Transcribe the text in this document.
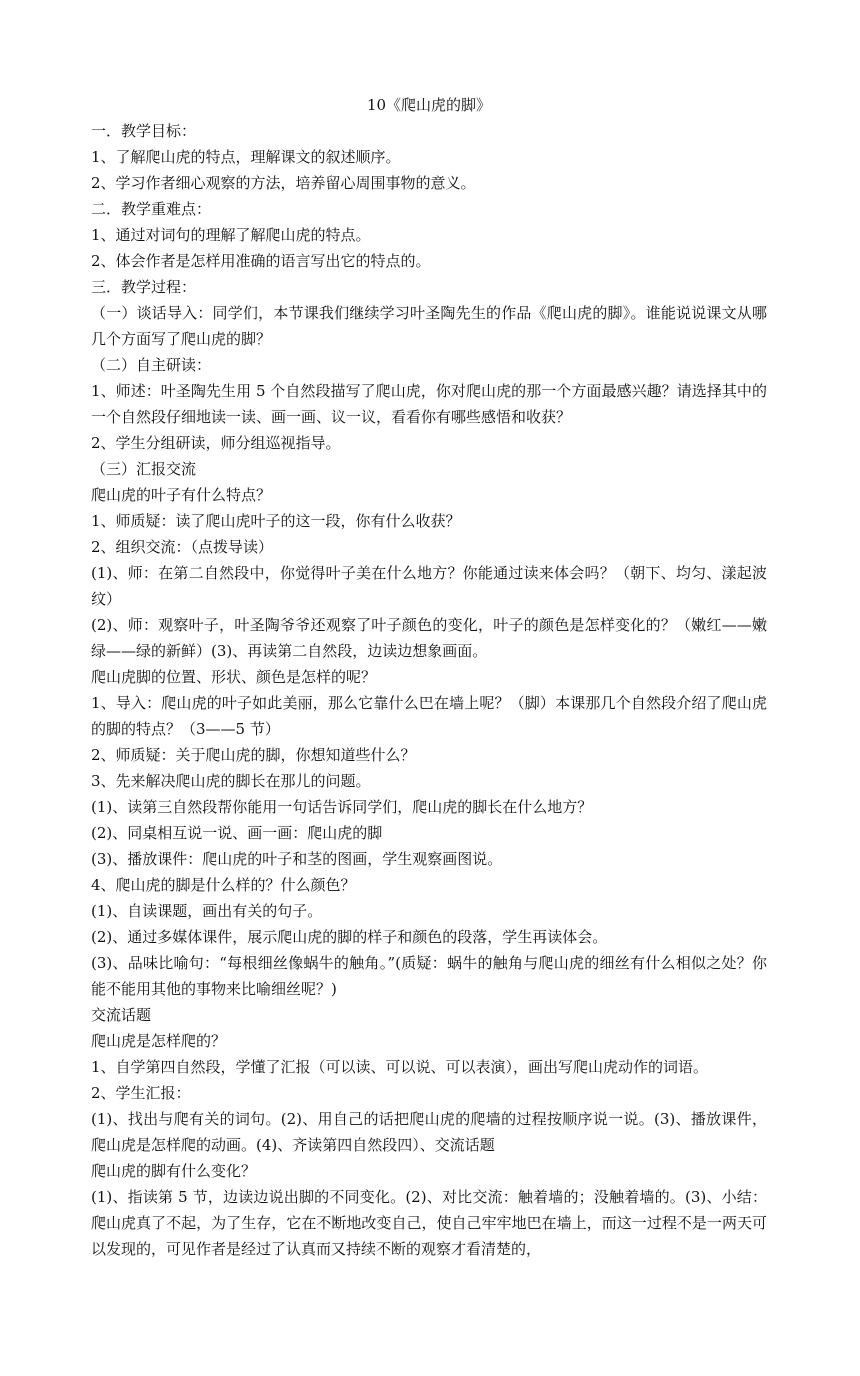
10《爬山虎的脚》

一．教学目标：

1、了解爬山虎的特点，理解课文的叙述顺序。

2、学习作者细心观察的方法，培养留心周围事物的意义。

二．教学重难点：

1、通过对词句的理解了解爬山虎的特点。

2、体会作者是怎样用准确的语言写出它的特点的。

三．教学过程：

（一）谈话导入：同学们，本节课我们继续学习叶圣陶先生的作品《爬山虎的脚》。谁能说说课文从哪几个方面写了爬山虎的脚？

（二）自主研读：

1、师述：叶圣陶先生用 5 个自然段描写了爬山虎，你对爬山虎的那一个方面最感兴趣？请选择其中的一个自然段仔细地读一读、画一画、议一议，看看你有哪些感悟和收获？

2、学生分组研读，师分组巡视指导。

（三）汇报交流

爬山虎的叶子有什么特点？

1、师质疑：读了爬山虎叶子的这一段，你有什么收获？

2、组织交流：（点拨导读）

(1)、师：在第二自然段中，你觉得叶子美在什么地方？你能通过读来体会吗？（朝下、均匀、漾起波纹）

(2)、师：观察叶子，叶圣陶爷爷还观察了叶子颜色的变化，叶子的颜色是怎样变化的？（嫩红——嫩绿——绿的新鲜）(3)、再读第二自然段，边读边想象画面。

爬山虎脚的位置、形状、颜色是怎样的呢？

1、导入：爬山虎的叶子如此美丽，那么它靠什么巴在墙上呢？（脚）本课那几个自然段介绍了爬山虎的脚的特点？（3——5 节）

2、师质疑：关于爬山虎的脚，你想知道些什么？

3、先来解决爬山虎的脚长在那儿的问题。

(1)、读第三自然段帮你能用一句话告诉同学们，爬山虎的脚长在什么地方？

(2)、同桌相互说一说、画一画：爬山虎的脚

(3)、播放课件：爬山虎的叶子和茎的图画，学生观察画图说。

4、爬山虎的脚是什么样的？什么颜色？

(1)、自读课题，画出有关的句子。

(2)、通过多媒体课件，展示爬山虎的脚的样子和颜色的段落，学生再读体会。

(3)、品味比喻句：“每根细丝像蜗牛的触角。”(质疑：蜗牛的触角与爬山虎的细丝有什么相似之处？你能不能用其他的事物来比喻细丝呢？)

交流话题

爬山虎是怎样爬的？

1、自学第四自然段，学懂了汇报（可以读、可以说、可以表演），画出写爬山虎动作的词语。

2、学生汇报：

(1)、找出与爬有关的词句。(2)、用自己的话把爬山虎的爬墙的过程按顺序说一说。(3)、播放课件，爬山虎是怎样爬的动画。(4)、齐读第四自然段四）、交流话题

爬山虎的脚有什么变化？

(1)、指读第 5 节，边读边说出脚的不同变化。(2)、对比交流：触着墙的；没触着墙的。(3)、小结：爬山虎真了不起，为了生存，它在不断地改变自己，使自己牢牢地巴在墙上，而这一过程不是一两天可以发现的，可见作者是经过了认真而又持续不断的观察才看清楚的，
